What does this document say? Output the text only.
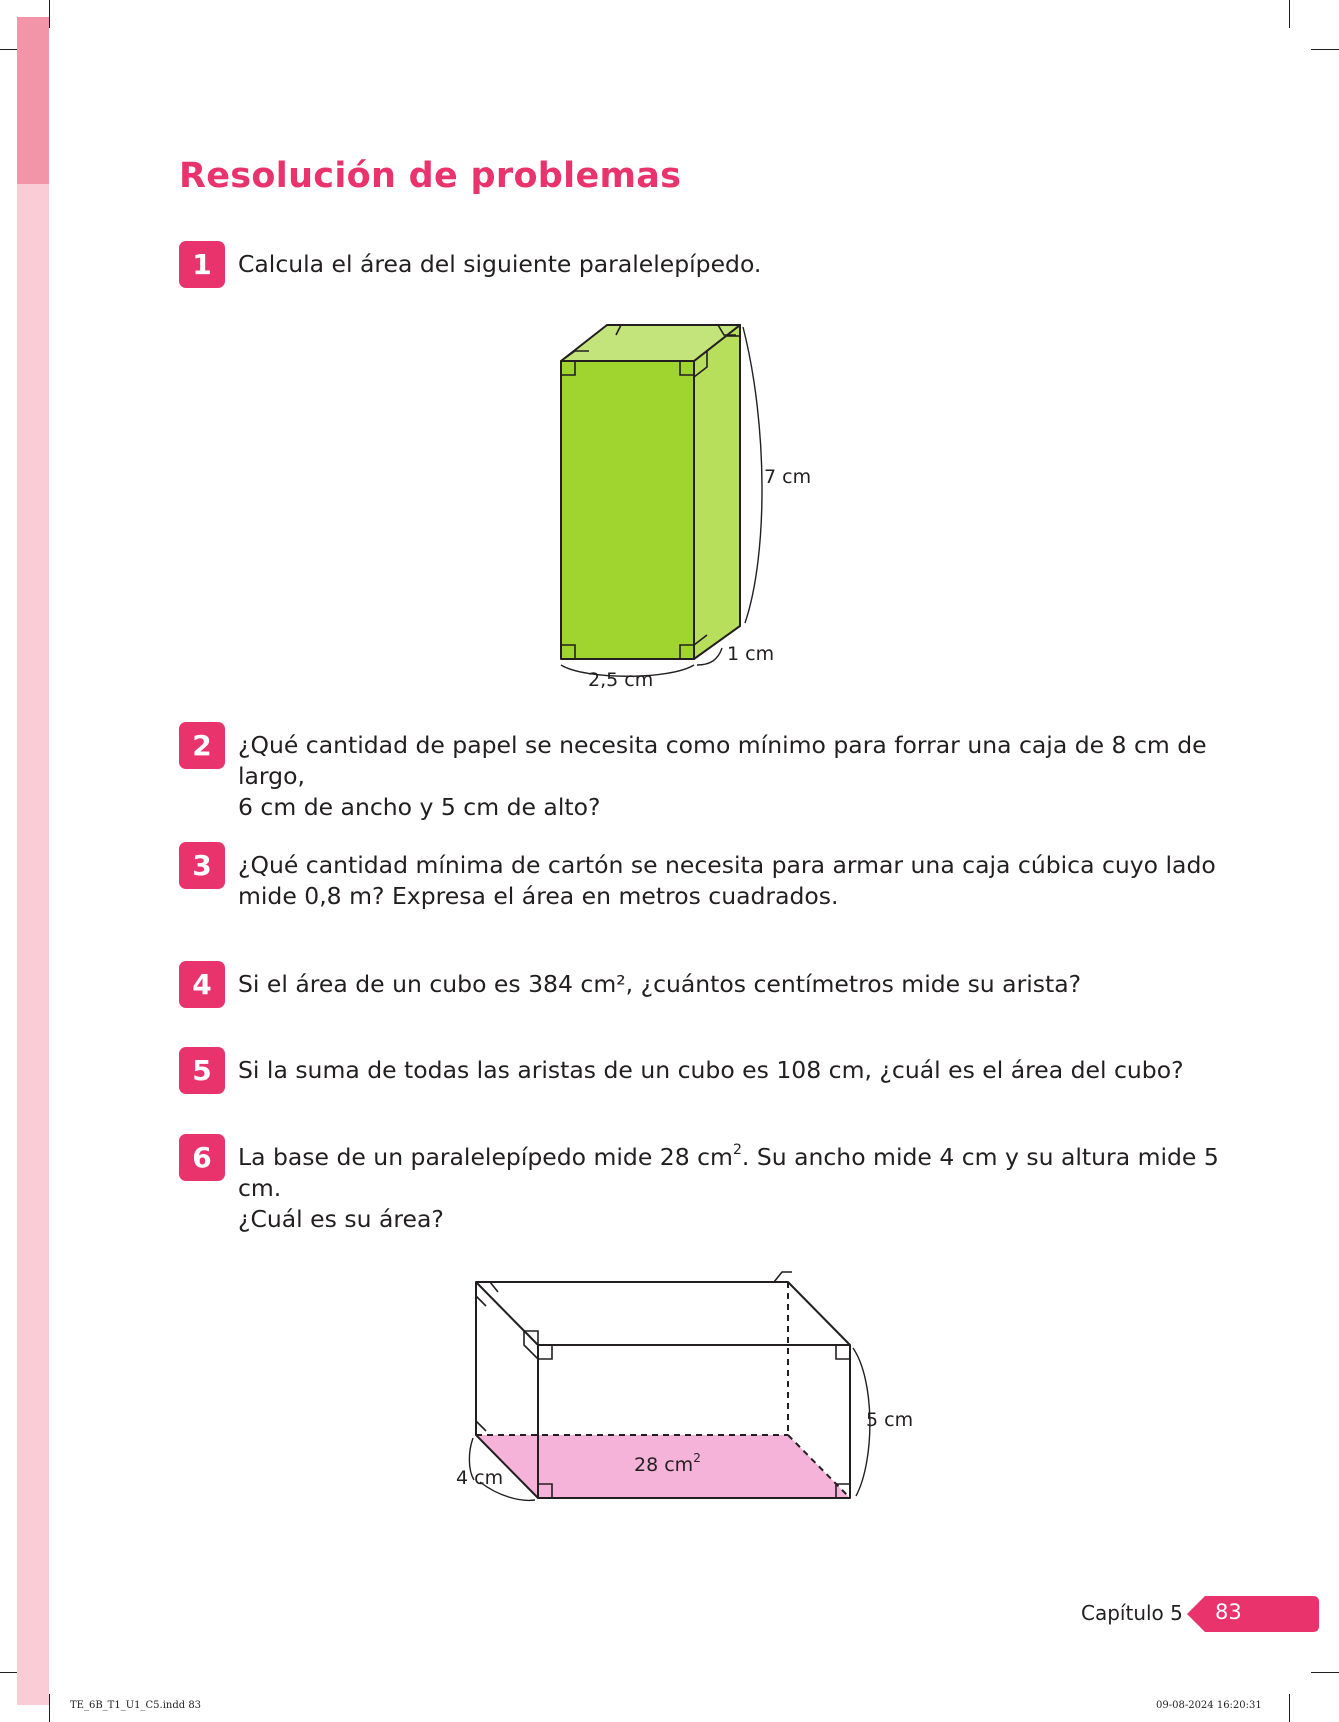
Resolución de problemas
1	Calcula el área del siguiente paralelepípedo.

7 cm
1 cm
2,5 cm
2	¿Qué cantidad de papel se necesita como mínimo para forrar una caja de 8 cm de largo,

6 cm de ancho y 5 cm de alto?

3	¿Qué cantidad mínima de cartón se necesita para armar una caja cúbica cuyo lado

mide 0,8 m? Expresa el área en metros cuadrados.

4	Si el área de un cubo es 384 cm², ¿cuántos centímetros mide su arista?

5	Si la suma de todas las aristas de un cubo es 108 cm, ¿cuál es el área del cubo?

6	La base de un paralelepípedo mide 28 $cm^2$. Su ancho mide 4 cm y su altura mide 5 cm.

¿Cuál es su área?

5 cm
4 cm
28 $cm^2$
Capítulo 5 83
TE_6B_T1_U1_C5.indd 83	09-08-2024 16:20:31
